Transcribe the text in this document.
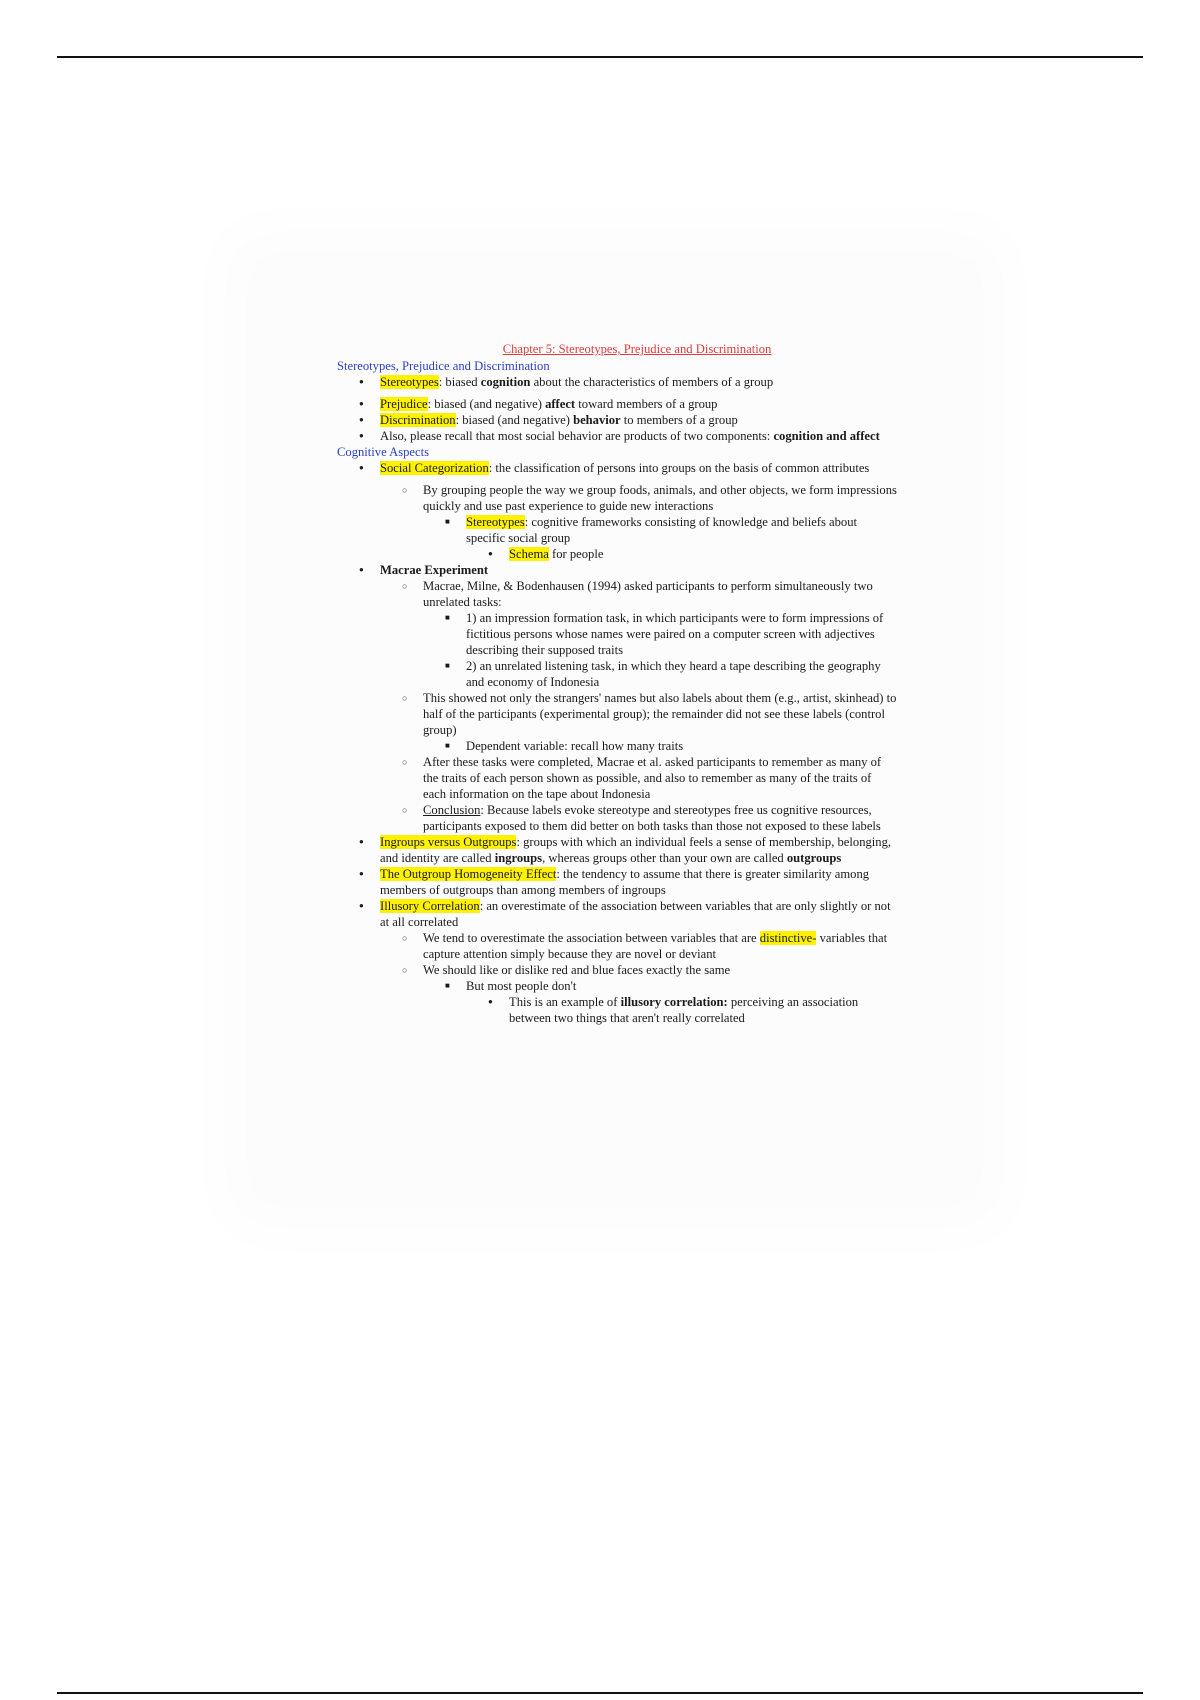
Chapter 5: Stereotypes, Prejudice and Discrimination

Stereotypes, Prejudice and Discrimination

● Stereotypes: biased cognition about the characteristics of members of a group
● Prejudice: biased (and negative) affect toward members of a group
● Discrimination: biased (and negative) behavior to members of a group
● Also, please recall that most social behavior are products of two components: cognition and affect

Cognitive Aspects

● Social Categorization: the classification of persons into groups on the basis of common attributes
○ By grouping people the way we group foods, animals, and other objects, we form impressions quickly and use past experience to guide new interactions
■ Stereotypes: cognitive frameworks consisting of knowledge and beliefs about specific social group
● Schema for people
● Macrae Experiment
○ Macrae, Milne, & Bodenhausen (1994) asked participants to perform simultaneously two unrelated tasks:
■ 1) an impression formation task, in which participants were to form impressions of fictitious persons whose names were paired on a computer screen with adjectives describing their supposed traits
■ 2) an unrelated listening task, in which they heard a tape describing the geography and economy of Indonesia
○ This showed not only the strangers' names but also labels about them (e.g., artist, skinhead) to half of the participants (experimental group); the remainder did not see these labels (control group)
■ Dependent variable: recall how many traits
○ After these tasks were completed, Macrae et al. asked participants to remember as many of the traits of each person shown as possible, and also to remember as many of the traits of each information on the tape about Indonesia
○ Conclusion: Because labels evoke stereotype and stereotypes free us cognitive resources, participants exposed to them did better on both tasks than those not exposed to these labels
● Ingroups versus Outgroups: groups with which an individual feels a sense of membership, belonging, and identity are called ingroups, whereas groups other than your own are called outgroups
● The Outgroup Homogeneity Effect: the tendency to assume that there is greater similarity among members of outgroups than among members of ingroups
● Illusory Correlation: an overestimate of the association between variables that are only slightly or not at all correlated
○ We tend to overestimate the association between variables that are distinctive- variables that capture attention simply because they are novel or deviant
○ We should like or dislike red and blue faces exactly the same
■ But most people don't
● This is an example of illusory correlation: perceiving an association between two things that aren't really correlated
